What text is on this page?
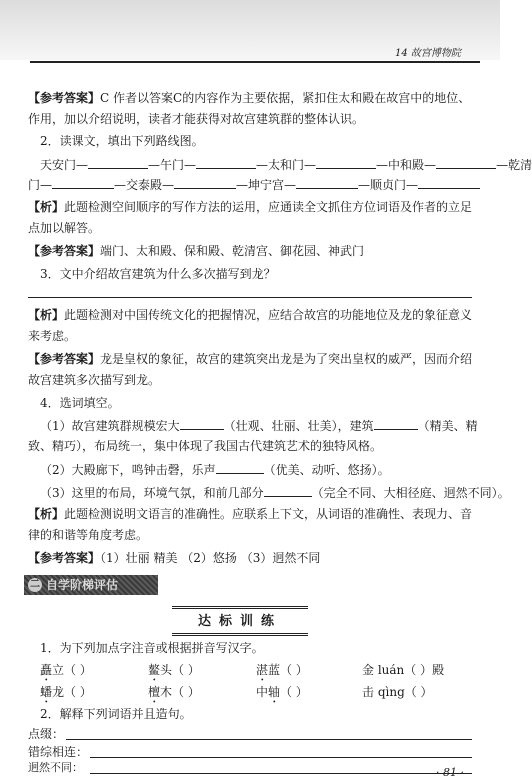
14 故宫博物院
【参考答案】C 作者以答案C的内容作为主要依据，紧扣住太和殿在故宫中的地位、
作用，加以介绍说明，读者才能获得对故宫建筑群的整体认识。
2．读课文，填出下列路线图。
天安门—	—午门—	—太和门—	—中和殿—	—乾清
门—	—交泰殿—	—坤宁宫—	—顺贞门—
【析】此题检测空间顺序的写作方法的运用，应通读全文抓住方位词语及作者的立足
点加以解答。
【参考答案】端门、太和殿、保和殿、乾清宫、御花园、神武门
3．文中介绍故宫建筑为什么多次描写到龙？
【析】此题检测对中国传统文化的把握情况，应结合故宫的功能地位及龙的象征意义
来考虑。
【参考答案】龙是皇权的象征，故宫的建筑突出龙是为了突出皇权的威严，因而介绍
故宫建筑多次描写到龙。
4．选词填空。
（1）故宫建筑群规模宏大	（壮观、壮丽、壮美），建筑	（精美、精
致、精巧），布局统一，集中体现了我国古代建筑艺术的独特风格。
（2）大殿廊下，鸣钟击磬，乐声	（优美、动听、悠扬）。
（3）这里的布局，环境气氛，和前几部分	（完全不同、大相径庭、迥然不同）。
【析】此题检测说明文语言的准确性。应联系上下文，从词语的准确性、表现力、音
律的和谐等角度考虑。
【参考答案】（1）壮丽 精美 （2）悠扬 （3）迥然不同
二 自学阶梯评估
达标训练
1．为下列加点字注音或根据拼音写汉字。
矗立（ ）	鳌头（ ）	湛蓝（ ）	金 luán（ ）殿
蟠龙（ ）	檀木（ ）	中轴（ ）	击 qìng（ ）
2．解释下列词语并且造句。
点缀：
错综相连：
迥然不同：	· 81 ·
